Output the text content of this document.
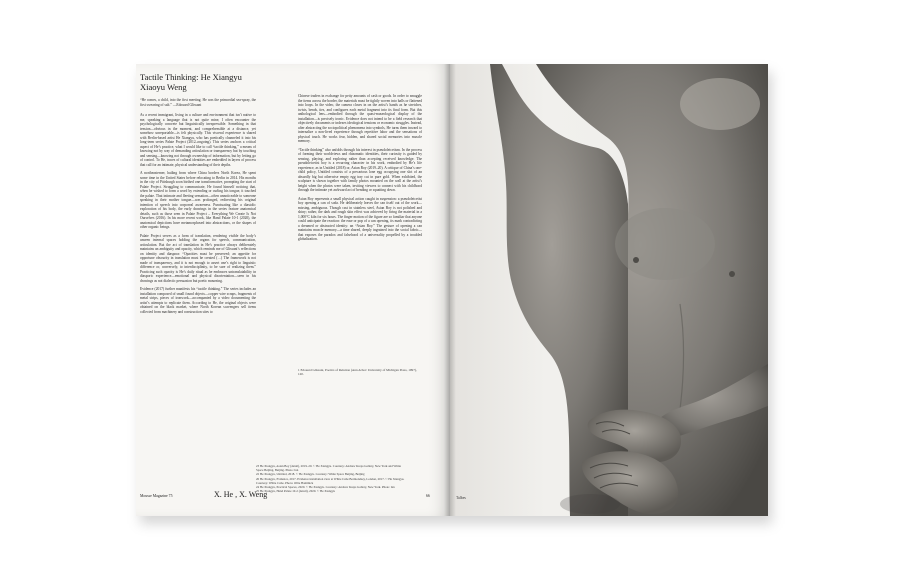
Tactile Thinking: He Xiangyu
Xiaoyu Weng

“He comes, a child, into the first meeting. He was the primordial sea-spray, the first swearing of salt.” —Edouard Glissant

As a recent immigrant, living in a culture and environment that isn’t native to me, speaking a language that is not quite mine, I often encounter the psychologically concrete but linguistically inexpressible. Something in that tension—obvious in the moment, and comprehensible at a distance, yet somehow unreportable—is felt physically. This visceral experience is shared with Berlin-based artist He Xiangyu, who has poetically channeled it into his long-term series Palate Project (2012–ongoing). This series anchors a critical aspect of He’s practice, what I would like to call “tactile thinking,” a means of knowing not by way of demanding articulation or transparency but by touching and sensing—knowing not through ownership of information, but by letting go of control. To He, traces of cultural identities are embedded in layers of process that call for an intimate, physical understanding of their depths.

A northeasterner, hailing from where China borders North Korea, He spent some time in the United States before relocating to Berlin in 2014. His months in the city of Pittsburgh soon birthed one transformative, prompting the start of Palate Project. Struggling to communicate, He found himself noticing that, when he wished to form a word by extending or curling his tongue, it touched the palate. That intimate and fleeting sensation—often unnoticeable to someone speaking in their mother tongue—was prolonged, redirecting his original intention of speech into corporeal awareness. Punctuating like a diastolic exploration of his body, the early drawings in the series feature anatomical details, such as those seen in Palate Project – Everything We Create Is Not Ourselves (2016). In his more recent work, like Hand Palate 10-1 (2020), the anatomical depictions have metamorphosed into abstractions, or the shapes of other organic beings.

Palate Project serves as a form of translation, rendering visible the body’s unseen internal spaces holding the organs for speech, communication, articulation. But the act of translation in He’s practice always deliberately maintains an ambiguity and opacity, which reminds me of Glissant’s reflections on identity and diaspora: “Opacities must be preserved; an appetite for opportune obscurity in translation must be created (…) The framework is not made of transparency, and it is not enough to assert one’s right to linguistic difference or, conversely, to interdisciplinity, to be sure of realizing them.” Practicing such opacity is He’s daily ritual as he embraces untranslatability in diasporic experience—emotional and physical disorientation—seen in his drawings as not dialectic persuasion but poetic mourning.

Evidence (2017) further manifests his “tactile thinking.” The series includes an installation composed of small found objects—copper wire scraps, fragments of metal strips, pieces of ironwork—accompanied by a video documenting the artist’s attempts to replicate them. According to He, the original objects were obtained on the black market, where North Korean scavengers sell items collected from machinery and construction sites to

Chinese traders in exchange for petty amounts of cash or goods. In order to smuggle the items across the border, the materials must be tightly woven into balls or flattened into loops. In the video, the camera closes in on the artist’s hands as he stretches, twists, bends, ties, and configures each metal fragment into its final form. But this anthological lens—embodied through the quasi-museological display of the installation—is precisely ironic. Evidence does not intend to be a field research that objectively documents or indexes ideological tensions or economic struggles. Instead, after abstracting the sociopolitical phenomena into symbols, He turns them inward to internalize a non-lived experience through repetitive labor and the sensations of physical touch. He works fear, hidden, and shared social memories into muscle memory.

“Tactile thinking” also unfolds through his interest in pseudoleicetism. In the process of forming their worldviews and rhizomatic identities, their curiosity is guided by sensing, playing, and exploring rather than accepting received knowledge. The pseudoleicetist boy is a recurring character in his work, embodied by He’s life experience, as in Untitled (2018) or, Asian Boy (2019–20). A critique of China’s one-child policy, Untitled consists of a precarious lone egg occupying one slot of an absurdly big but otherwise empty egg tray cut in pure gold. When exhibited, the sculpture is shown together with family photos mounted on the wall at the artist’s height when the photos were taken, inviting viewers to connect with his childhood through the intimate yet awkward act of bending or squatting down.

Asian Boy represents a small physical action caught in suspension: a pseudoleicetist boy opening a can of soda. He deliberately leaves the can itself out of the work—missing, ambiguous. Though cast in stainless steel, Asian Boy is not polished and shiny; rather, the dark and rough skin effect was achieved by firing the material in a 1,000°C kiln for six hours. The finger motion of the figure are so familiar that anyone could anticipate the reaction: the ease or pop of a can opening, its mark contradicting a dreamed or abstracted identity: an “Asian Boy.” The gesture of opening a can maintains muscle memory—a time shared, deeply ingrained into the social fabric—that exposes the paradox and falsehood of a universality propelled by a troubled globalization.

1 Edouard Glissant, Poetics of Relation (Ann Arbor: University of Michigan Press, 1997), 120.
23 He Xiangyu, Asian Boy (detail), 2019–20. © He Xiangyu. Courtesy: Andrew Kreps Gallery, New York and White Space Beijing, Beijing. Photo: Ian
22 He Xiangyu, Untitled, 2018. © He Xiangyu. Courtesy: White Space Beijing, Beijing
26 He Xiangyu, Evidence, 2017. Evidence installation view at White Cube Bermondsey, London, 2017. © He Xiangyu. Courtesy: White Cube. Photo: Ollie Hammick
24 He Xiangyu, Practical Spaces, 2020. © He Xiangyu. Courtesy: Andrew Kreps Gallery, New York. Photo: Ian
25 He Xiangyu, Hand Palate 10-2 (detail), 2020. © He Xiangyu
Mousse Magazine 75	X. He , X. Weng	66	Talbes
